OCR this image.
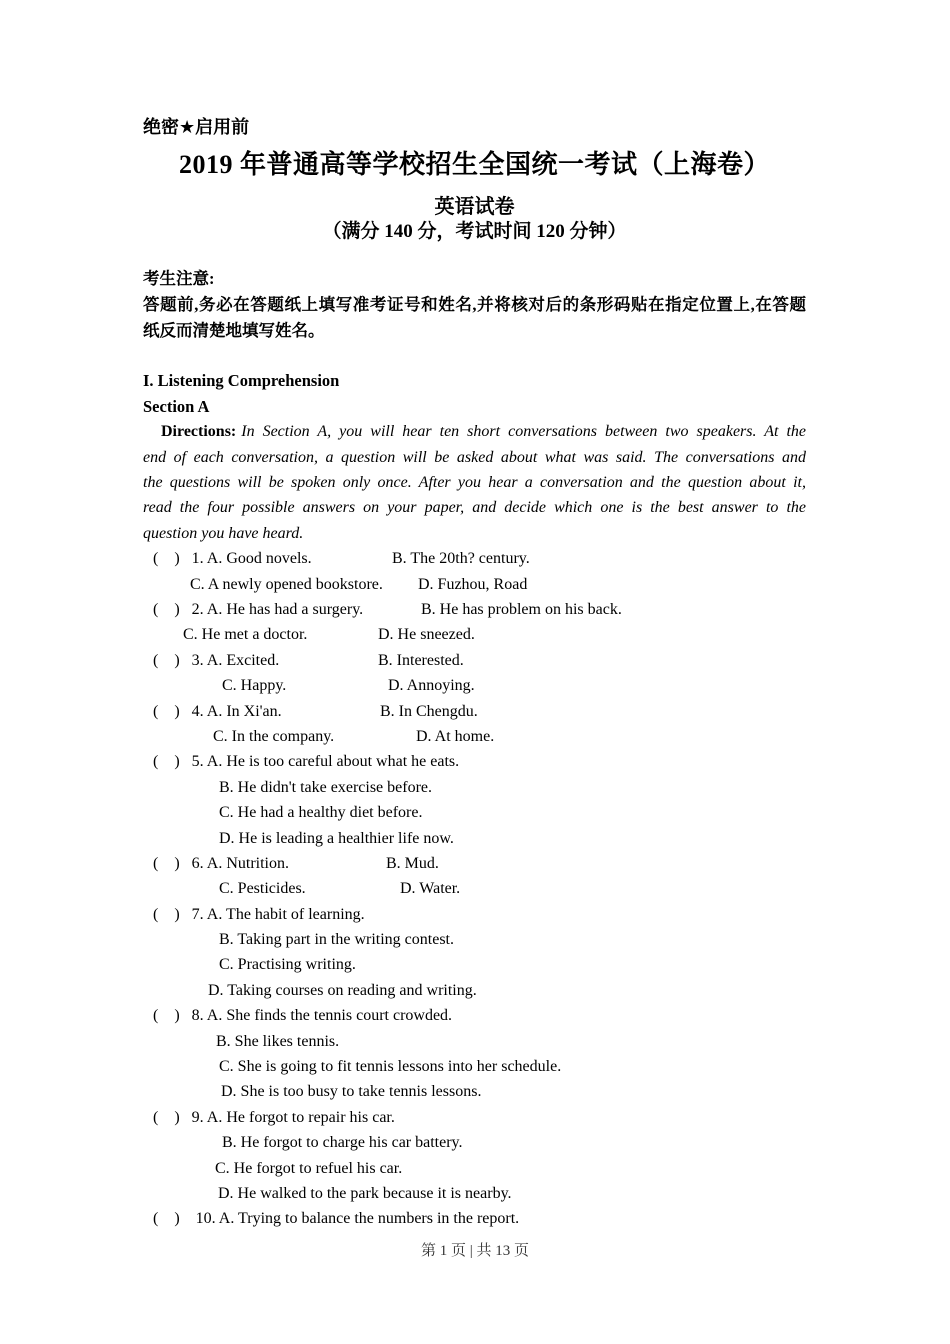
绝密★启用前
2019 年普通高等学校招生全国统一考试（上海卷）
英语试卷
（满分 140 分，考试时间 120 分钟）
考生注意:
答题前,务必在答题纸上填写准考证号和姓名,并将核对后的条形码贴在指定位置上,在答题
纸反而清楚地填写姓名。
I. Listening Comprehension
Section A
Directions: In Section A, you will hear ten short conversations between two speakers. At the
end of each conversation, a question will be asked about what was said. The conversations and
the questions will be spoken only once. After you hear a conversation and the question about it,
read the four possible answers on your paper, and decide which one is the best answer to the
question you have heard.
(    )   1. A. Good novels.	B. The 20th? century.
C. A newly opened bookstore. D. Fuzhou, Road
(    )   2. A. He has had a surgery.	B. He has problem on his back.
C. He met a doctor.	D. He sneezed.
(    )   3. A. Excited.	B. Interested.
C. Happy.	D. Annoying.
(    )   4. A. In Xi'an.	B. In Chengdu.
C. In the company.	D. At home.
(    )   5. A. He is too careful about what he eats.
B. He didn't take exercise before.
C. He had a healthy diet before.
D. He is leading a healthier life now.
(    )   6. A. Nutrition.	B. Mud.
C. Pesticides.	D. Water.
(    )   7. A. The habit of learning.
B. Taking part in the writing contest.
C. Practising writing.
D. Taking courses on reading and writing.
(    )   8. A. She finds the tennis court crowded.
B. She likes tennis.
C. She is going to fit tennis lessons into her schedule.
D. She is too busy to take tennis lessons.
(    )   9. A. He forgot to repair his car.
B. He forgot to charge his car battery.
C. He forgot to refuel his car.
D. He walked to the park because it is nearby.
(    )    10. A. Trying to balance the numbers in the report.
第 1 页 | 共 13 页
